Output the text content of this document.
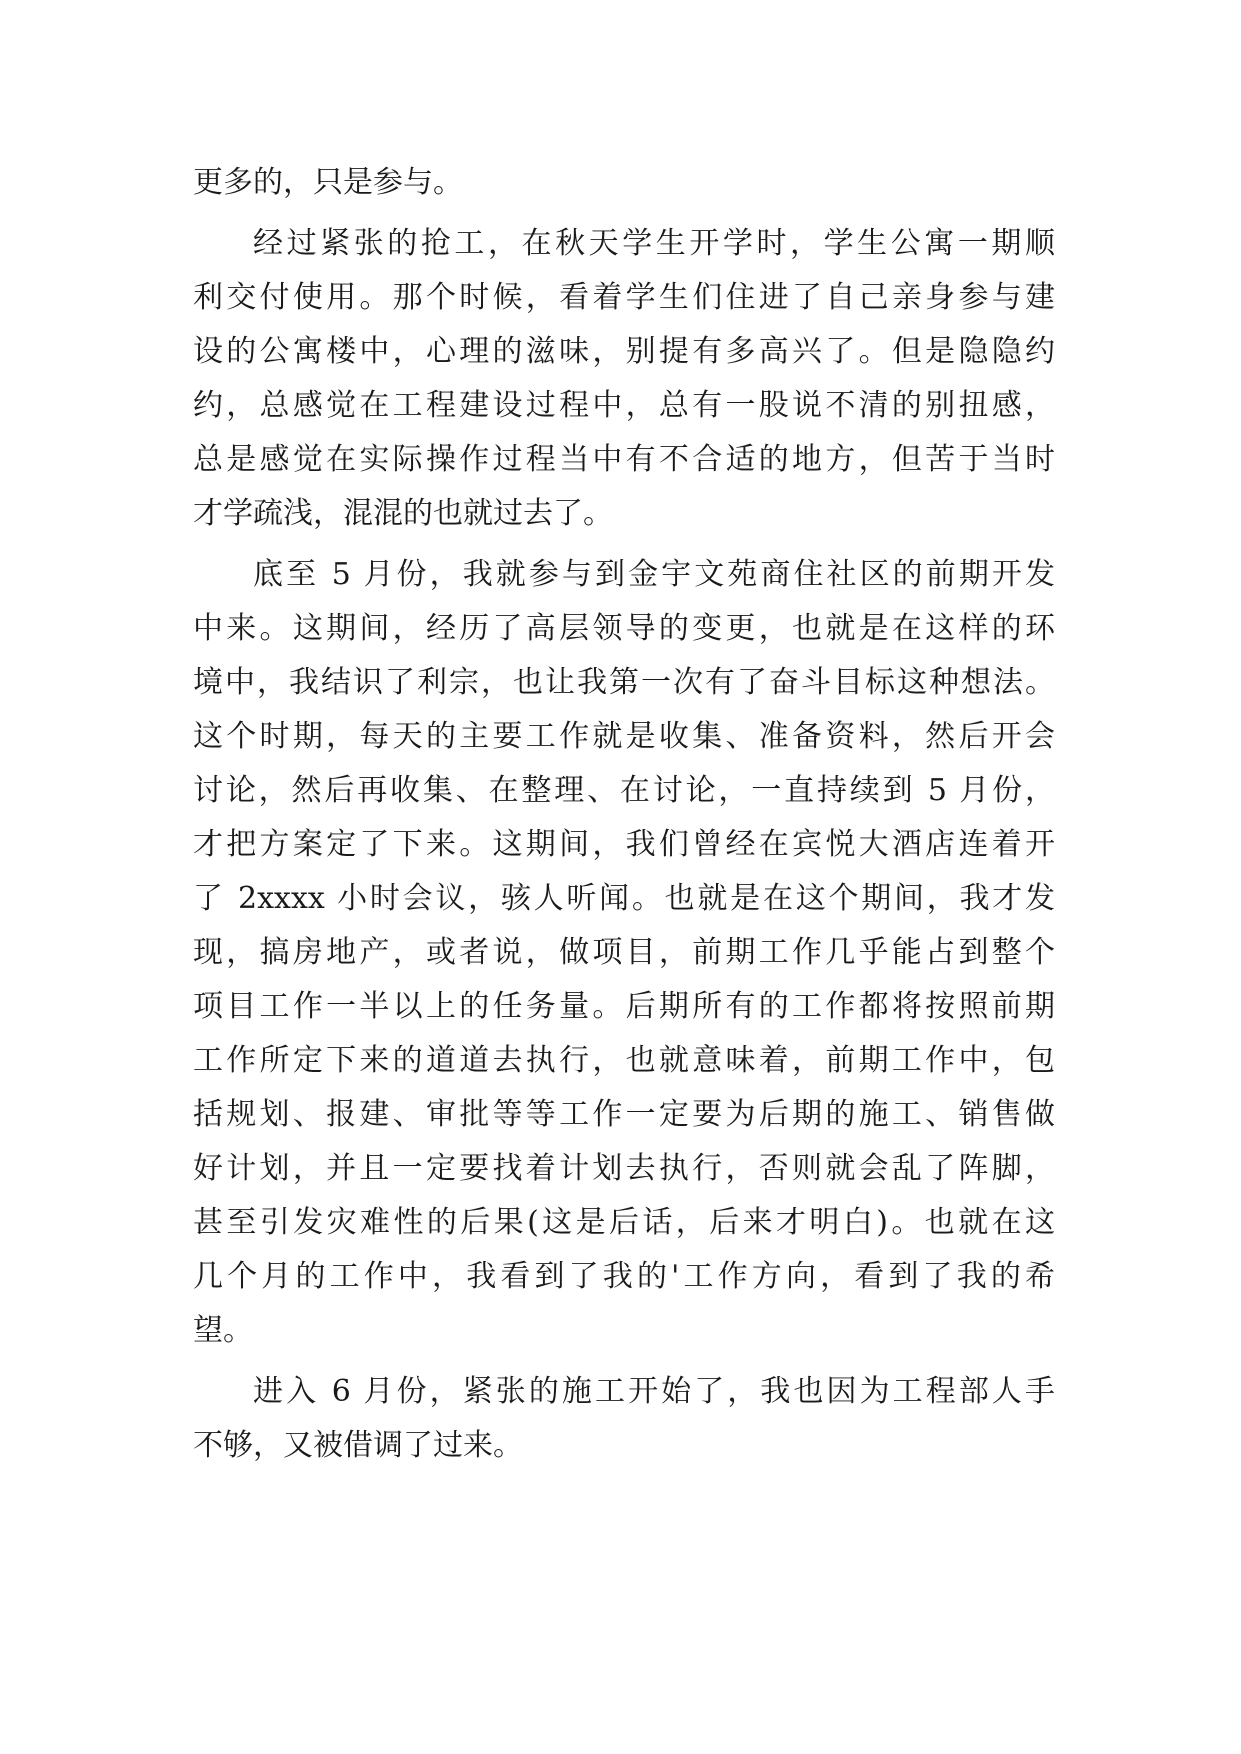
更多的，只是参与。
经过紧张的抢工，在秋天学生开学时，学生公寓一期顺
利交付使用。那个时候，看着学生们住进了自己亲身参与建
设的公寓楼中，心理的滋味，别提有多高兴了。但是隐隐约
约，总感觉在工程建设过程中，总有一股说不清的别扭感，
总是感觉在实际操作过程当中有不合适的地方，但苦于当时
才学疏浅，混混的也就过去了。
底至 5 月份，我就参与到金宇文苑商住社区的前期开发
中来。这期间，经历了高层领导的变更，也就是在这样的环
境中，我结识了利宗，也让我第一次有了奋斗目标这种想法。
这个时期，每天的主要工作就是收集、准备资料，然后开会
讨论，然后再收集、在整理、在讨论，一直持续到 5 月份，
才把方案定了下来。这期间，我们曾经在宾悦大酒店连着开
了 2xxxx 小时会议，骇人听闻。也就是在这个期间，我才发
现，搞房地产，或者说，做项目，前期工作几乎能占到整个
项目工作一半以上的任务量。后期所有的工作都将按照前期
工作所定下来的道道去执行，也就意味着，前期工作中，包
括规划、报建、审批等等工作一定要为后期的施工、销售做
好计划，并且一定要找着计划去执行，否则就会乱了阵脚，
甚至引发灾难性的后果(这是后话，后来才明白)。也就在这
几个月的工作中，我看到了我的'工作方向，看到了我的希
望。
进入 6 月份，紧张的施工开始了，我也因为工程部人手
不够，又被借调了过来。
